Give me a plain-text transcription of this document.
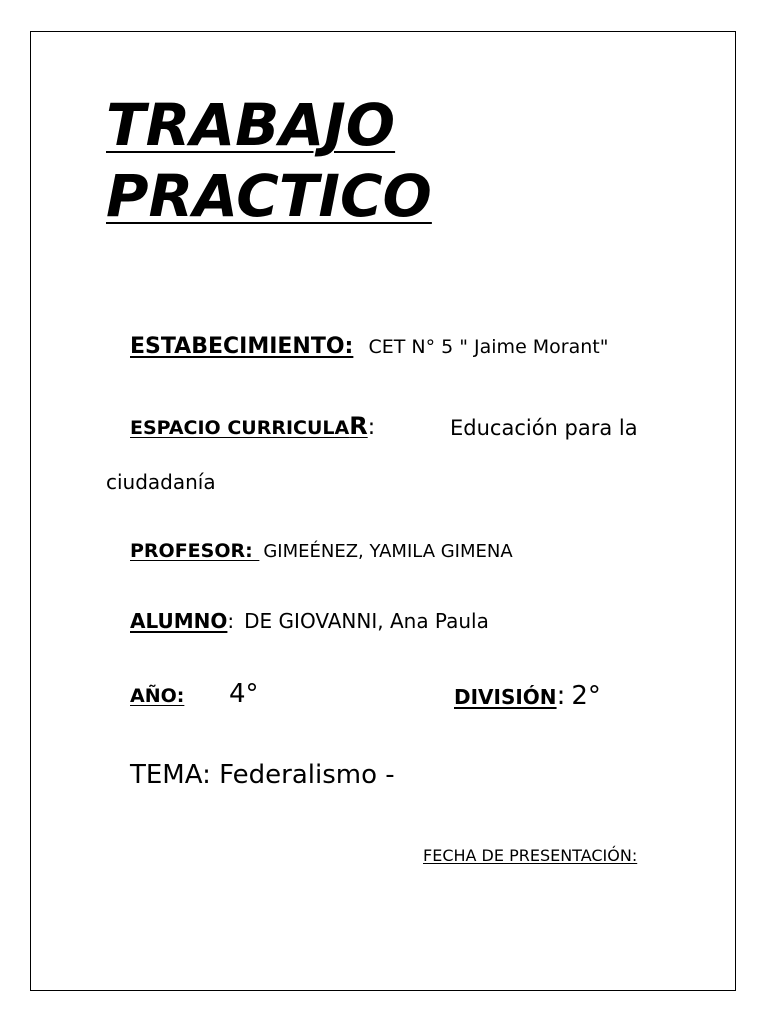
TRABAJO
PRACTICO
ESTABECIMIENTO: CET N° 5 " Jaime Morant"
ESPACIO CURRICULAR:	Educación para la
ciudadanía
PROFESOR: GIMEÉNEZ, YAMILA GIMENA
ALUMNO: DE GIOVANNI, Ana Paula
AÑO: 4°	DIVISIÓN: 2°
TEMA: Federalismo -
FECHA DE PRESENTACIÓN:
